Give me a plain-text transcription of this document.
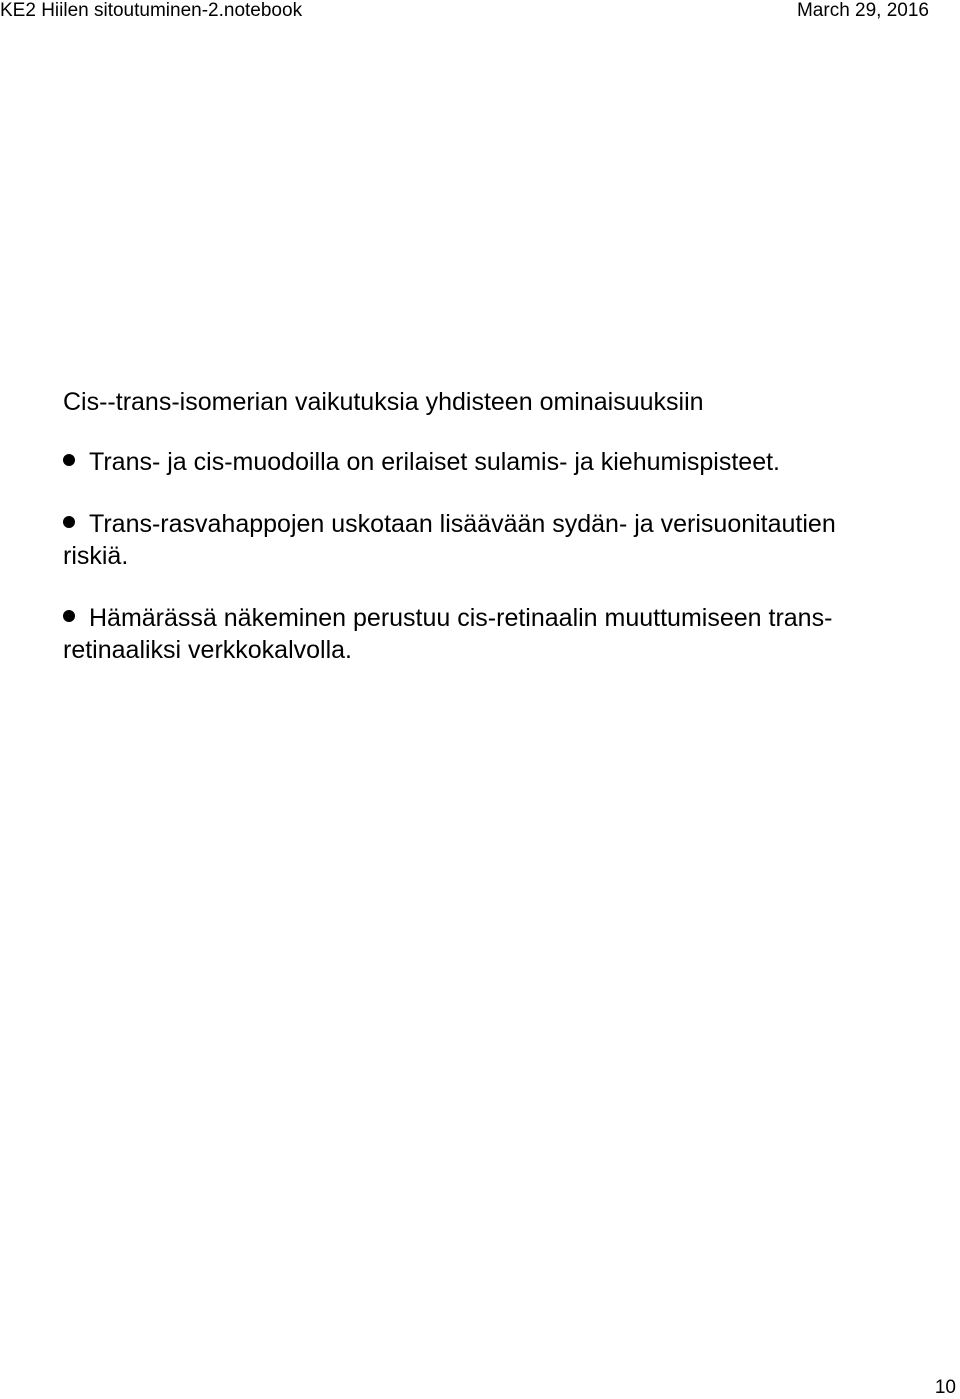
KE2 Hiilen sitoutuminen-2.notebook	March 29, 2016
Cis--trans-isomerian vaikutuksia yhdisteen ominaisuuksiin
Trans- ja cis-muodoilla on erilaiset sulamis- ja kiehumispisteet.
Trans-rasvahappojen uskotaan lisäävään sydän- ja verisuonitautien riskiä.
Hämärässä näkeminen perustuu cis-retinaalin muuttumiseen trans-retinaaliksi verkkokalvolla.
10
